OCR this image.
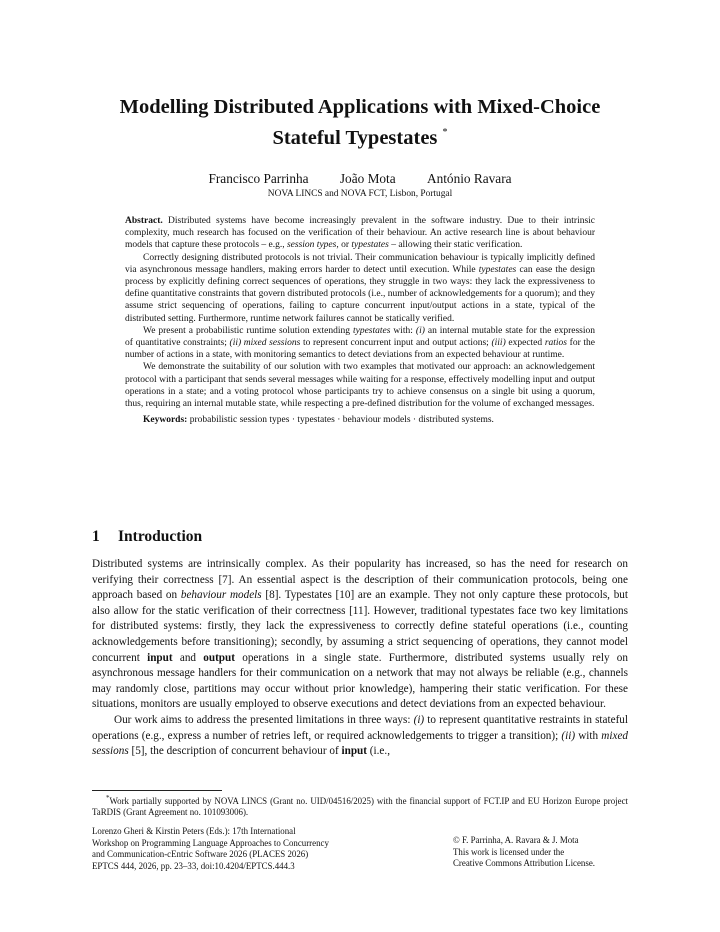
Modelling Distributed Applications with Mixed-Choice
Stateful Typestates *
Francisco Parrinha João Mota António Ravara
NOVA LINCS and NOVA FCT, Lisbon, Portugal

Abstract. Distributed systems have become increasingly prevalent in the software industry. Due to their intrinsic complexity, much research has focused on the verification of their behaviour. An active research line is about behaviour models that capture these protocols – e.g., session types, or typestates – allowing their static verification.

Correctly designing distributed protocols is not trivial. Their communication behaviour is typically implicitly defined via asynchronous message handlers, making errors harder to detect until execution. While typestates can ease the design process by explicitly defining correct sequences of operations, they struggle in two ways: they lack the expressiveness to define quantitative constraints that govern distributed protocols (i.e., number of acknowledgements for a quorum); and they assume strict sequencing of operations, failing to capture concurrent input/output actions in a state, typical of the distributed setting. Furthermore, runtime network failures cannot be statically verified.

We present a probabilistic runtime solution extending typestates with: (i) an internal mutable state for the expression of quantitative constraints; (ii) mixed sessions to represent concurrent input and output actions; (iii) expected ratios for the number of actions in a state, with monitoring semantics to detect deviations from an expected behaviour at runtime.

We demonstrate the suitability of our solution with two examples that motivated our approach: an acknowledgement protocol with a participant that sends several messages while waiting for a response, effectively modelling input and output operations in a state; and a voting protocol whose participants try to achieve consensus on a single bit using a quorum, thus, requiring an internal mutable state, while respecting a pre-defined distribution for the volume of exchanged messages.

Keywords: probabilistic session types · typestates · behaviour models · distributed systems.

1 Introduction

Distributed systems are intrinsically complex. As their popularity has increased, so has the need for research on verifying their correctness [7]. An essential aspect is the description of their communication protocols, being one approach based on behaviour models [8]. Typestates [10] are an example. They not only capture these protocols, but also allow for the static verification of their correctness [11]. However, traditional typestates face two key limitations for distributed systems: firstly, they lack the expressiveness to correctly define stateful operations (i.e., counting acknowledgements before transitioning); secondly, by assuming a strict sequencing of operations, they cannot model concurrent input and output operations in a single state. Furthermore, distributed systems usually rely on asynchronous message handlers for their communication on a network that may not always be reliable (e.g., channels may randomly close, partitions may occur without prior knowledge), hampering their static verification. For these situations, monitors are usually employed to observe executions and detect deviations from an expected behaviour.

Our work aims to address the presented limitations in three ways: (i) to represent quantitative restraints in stateful operations (e.g., express a number of retries left, or required acknowledgements to trigger a transition); (ii) with mixed sessions [5], the description of concurrent behaviour of input (i.e.,

*Work partially supported by NOVA LINCS (Grant no. UID/04516/2025) with the financial support of FCT.IP and EU Horizon Europe project TaRDIS (Grant Agreement no. 101093006).
Lorenzo Gheri & Kirstin Peters (Eds.): 17th International
Workshop on Programming Language Approaches to Concurrency
and Communication-cEntric Software 2026 (PLACES 2026)
EPTCS 444, 2026, pp. 23–33, doi:10.4204/EPTCS.444.3
© F. Parrinha, A. Ravara & J. Mota
This work is licensed under the
Creative Commons Attribution License.
